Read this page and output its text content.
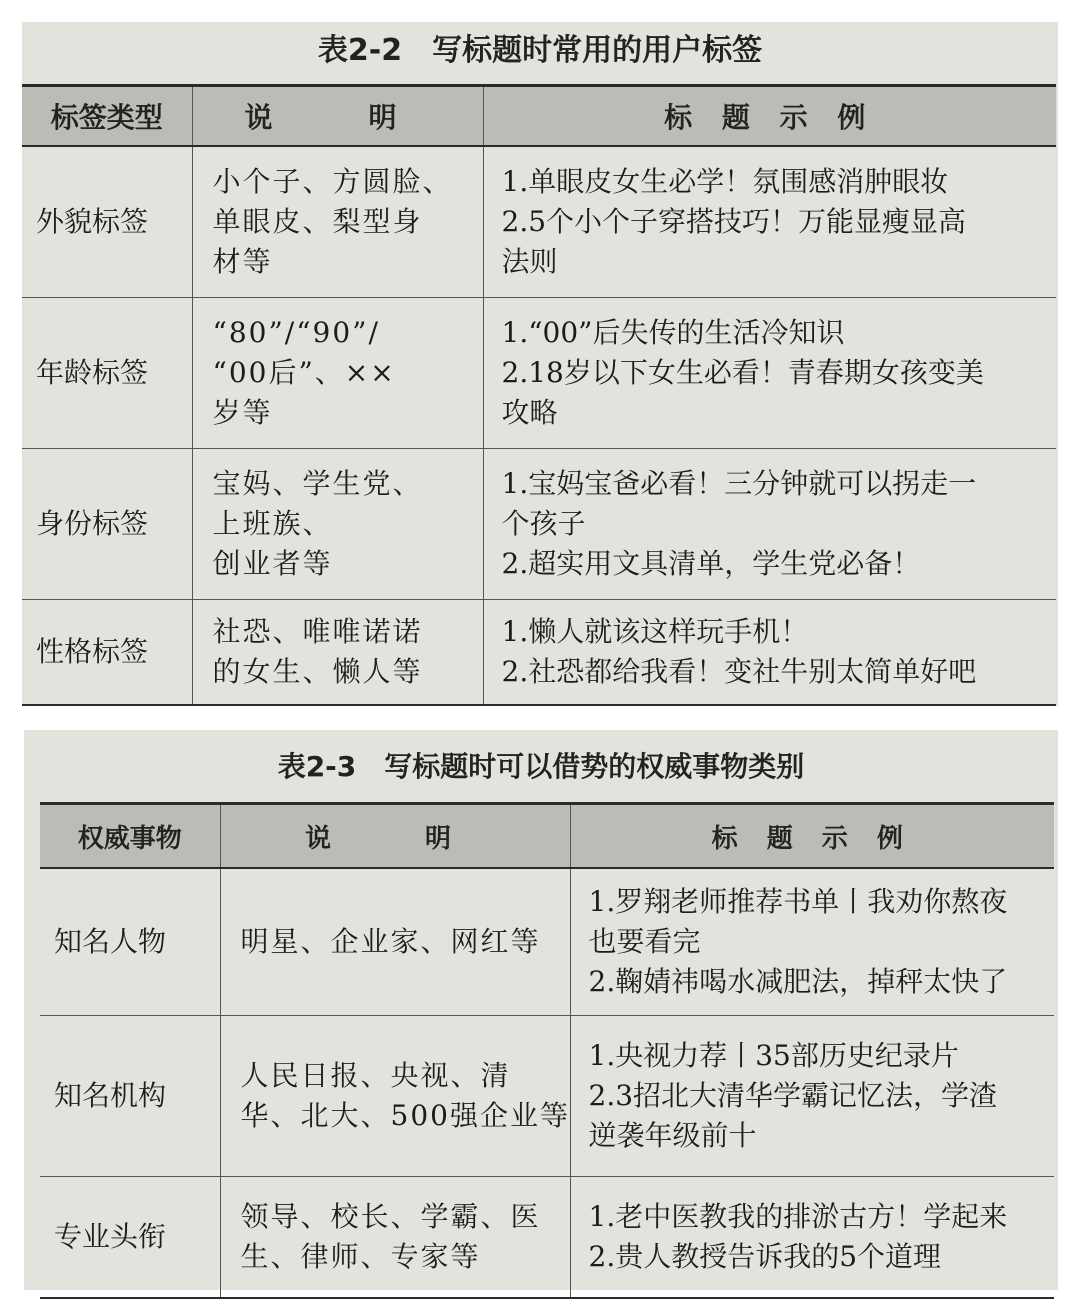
表2-2　写标题时常用的用户标签
标签类型	说　明	标 题 示 例
外貌标签	小个子、方圆脸、
单眼皮、梨型身
材等	1.单眼皮女生必学！氛围感消肿眼妆
2.5个小个子穿搭技巧！万能显瘦显高
法则

年龄标签	“80”/“90”/
“00后”、××
岁等	1.“00”后失传的生活冷知识
2.18岁以下女生必看！青春期女孩变美
攻略

身份标签	宝妈、学生党、
上班族、
创业者等	1.宝妈宝爸必看！三分钟就可以拐走一
个孩子
2.超实用文具清单，学生党必备！

性格标签	社恐、唯唯诺诺
的女生、懒人等	1.懒人就该这样玩手机！
2.社恐都给我看！变社牛别太简单好吧
表2-3　写标题时可以借势的权威事物类别
权威事物	说　明	标 题 示 例
知名人物	明星、企业家、网红等	1.罗翔老师推荐书单丨我劝你熬夜
也要看完
2.鞠婧祎喝水减肥法，掉秤太快了

知名机构	人民日报、央视、清
华、北大、500强企业等	1.央视力荐丨35部历史纪录片
2.3招北大清华学霸记忆法，学渣
逆袭年级前十

专业头衔	领导、校长、学霸、医
生、律师、专家等	1.老中医教我的排淤古方！学起来
2.贵人教授告诉我的5个道理
